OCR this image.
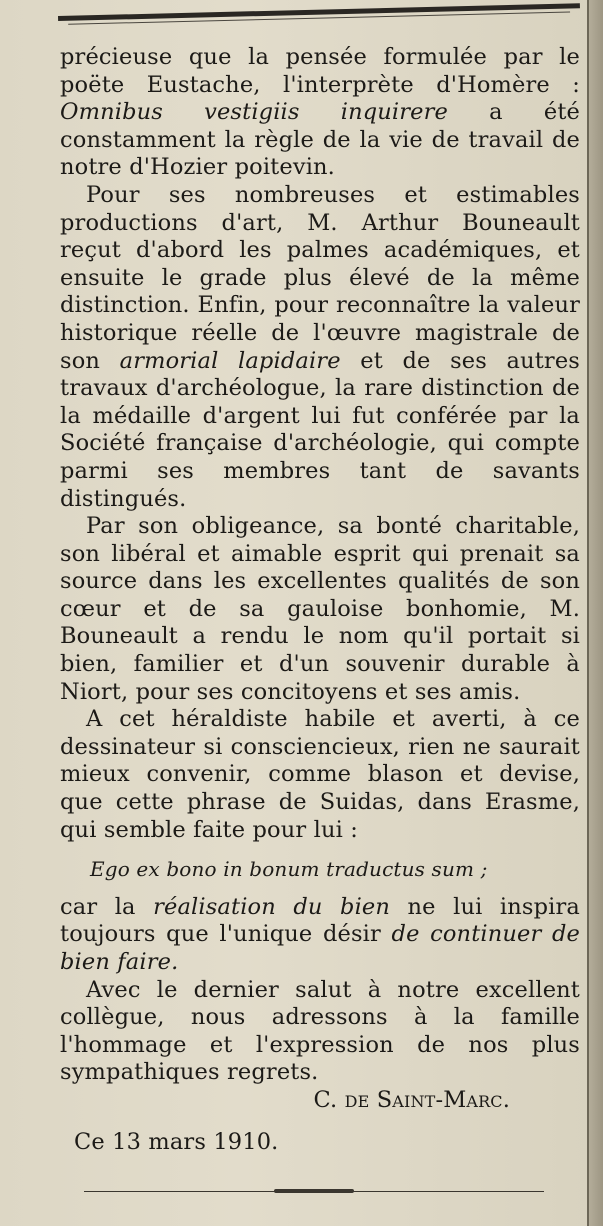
précieuse que la pensée formulée par le poëte Eustache, l'interprète d'Homère : Omnibus vestigiis inquirere a été constamment la règle de la vie de travail de notre d'Hozier poitevin.

Pour ses nombreuses et estimables productions d'art, M. Arthur Bouneault reçut d'abord les palmes académiques, et ensuite le grade plus élevé de la même distinction. Enfin, pour reconnaître la valeur historique réelle de l'œuvre magistrale de son armorial lapidaire et de ses autres travaux d'archéologue, la rare distinction de la médaille d'argent lui fut conférée par la Société française d'archéologie, qui compte parmi ses membres tant de savants distingués.

Par son obligeance, sa bonté charitable, son libéral et aimable esprit qui prenait sa source dans les excellentes qualités de son cœur et de sa gauloise bonhomie, M. Bouneault a rendu le nom qu'il portait si bien, familier et d'un souvenir durable à Niort, pour ses concitoyens et ses amis.

A cet héraldiste habile et averti, à ce dessinateur si consciencieux, rien ne saurait mieux convenir, comme blason et devise, que cette phrase de Suidas, dans Erasme, qui semble faite pour lui :

Ego ex bono in bonum traductus sum ;

car la réalisation du bien ne lui inspira toujours que l'unique désir de continuer de bien faire.

Avec le dernier salut à notre excellent collègue, nous adressons à la famille l'hommage et l'expression de nos plus sympathiques regrets.

C. de Saint-Marc.

Ce 13 mars 1910.
